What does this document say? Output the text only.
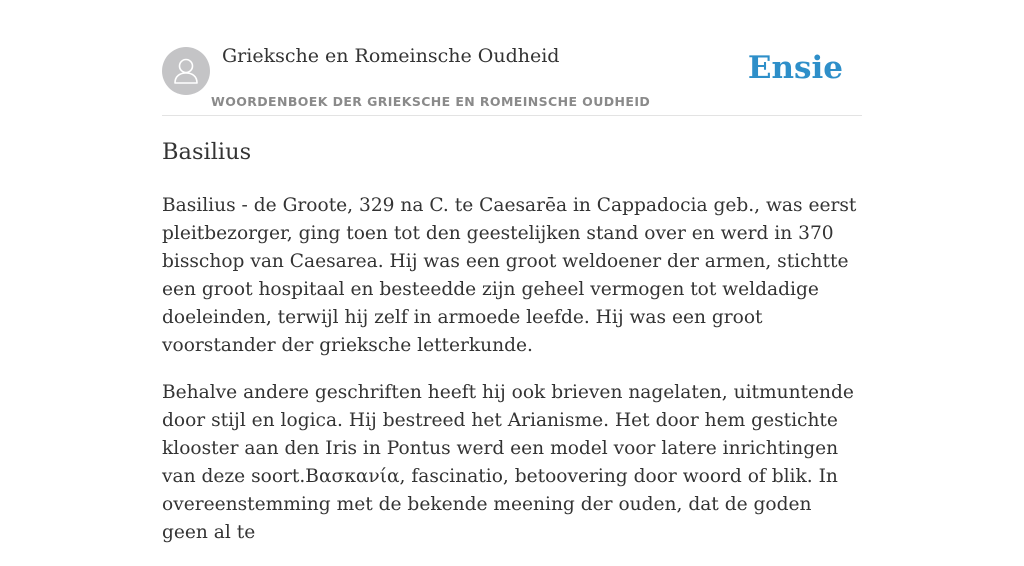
Grieksche en Romeinsche Oudheid
WOORDENBOEK DER GRIEKSCHE EN ROMEINSCHE OUDHEID
Ensie
Basilius

Basilius - de Groote, 329 na C. te Caesarēa in Cappadocia geb., was eerst pleitbezorger, ging toen tot den geestelijken stand over en werd in 370 bisschop van Caesarea. Hij was een groot weldoener der armen, stichtte een groot hospitaal en besteedde zijn geheel vermogen tot weldadige doeleinden, terwijl hij zelf in armoede leefde. Hij was een groot voorstander der grieksche letterkunde.

Behalve andere geschriften heeft hij ook brieven nagelaten, uitmuntende door stijl en logica. Hij bestreed het Arianisme. Het door hem gestichte klooster aan den Iris in Pontus werd een model voor latere inrichtingen van deze soort.Βασκανία, fascinatio, betoovering door woord of blik. In overeenstemming met de bekende meening der ouden, dat de goden geen al te
